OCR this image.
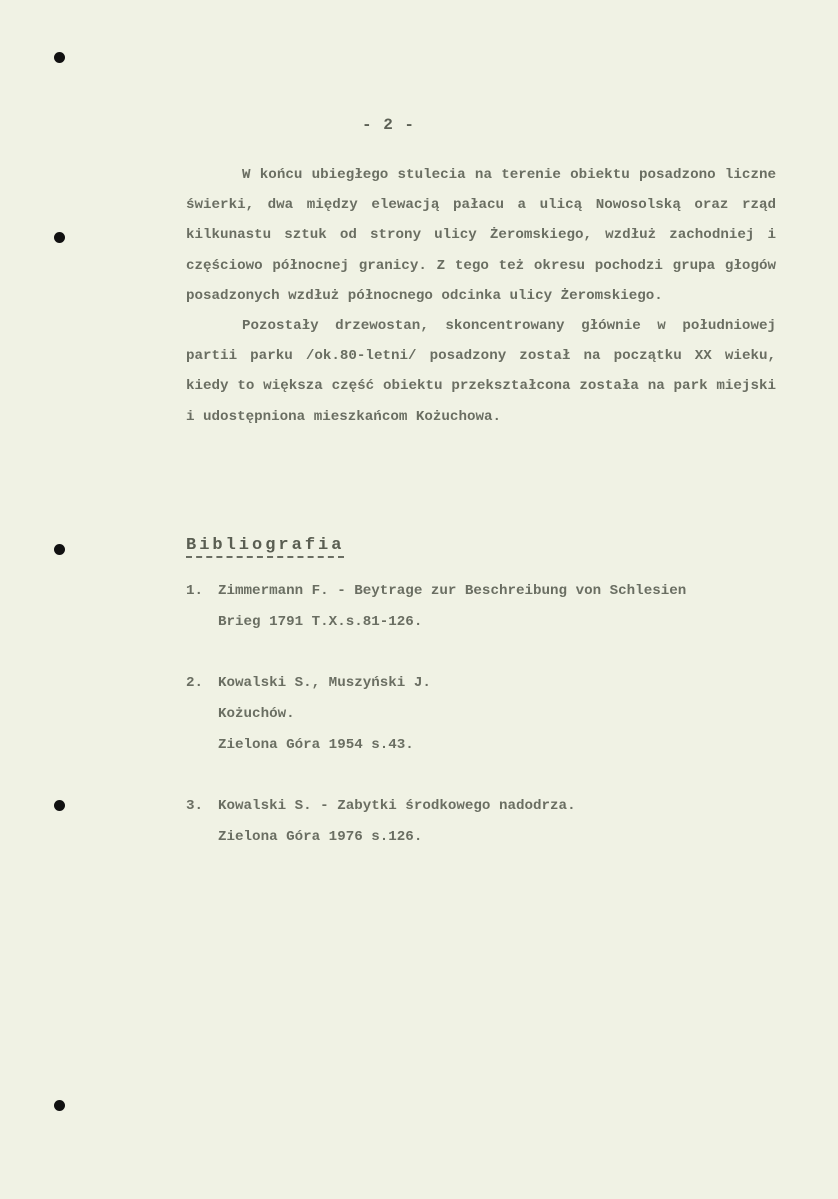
- 2 -

W końcu ubiegłego stulecia na terenie obiektu posadzono liczne świerki, dwa między elewacją pałacu a ulicą Nowosolską oraz rząd kilkunastu sztuk od strony ulicy Żeromskiego, wzdłuż zachodniej i częściowo północnej granicy. Z tego też okresu pochodzi grupa głogów posadzonych wzdłuż północnego odcinka ulicy Żeromskiego.

Pozostały drzewostan, skoncentrowany głównie w południowej partii parku /ok.80-letni/ posadzony został na początku XX wieku, kiedy to większa część obiektu przekształcona została na park miejski i udostępniona mieszkańcom Kożuchowa.

Bibliografia
1. Zimmermann F. - Beytrage zur Beschreibung von Schlesien
Brieg 1791 T.X.s.81-126.
2. Kowalski S., Muszyński J.
Kożuchów.
Zielona Góra 1954 s.43.
3. Kowalski S. - Zabytki środkowego nadodrza.
Zielona Góra 1976 s.126.
